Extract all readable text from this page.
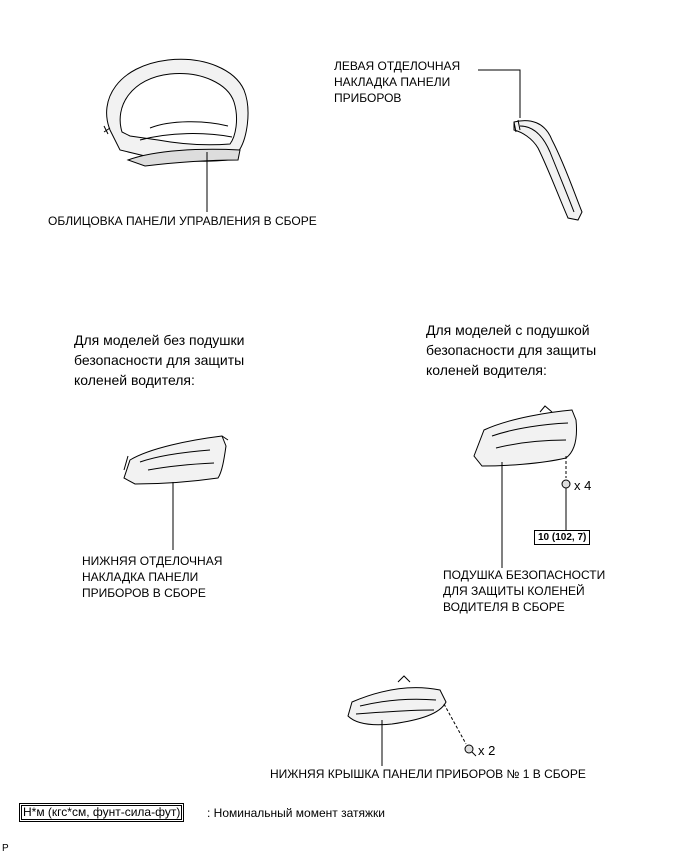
ЛЕВАЯ ОТДЕЛОЧНАЯ
НАКЛАДКА ПАНЕЛИ
ПРИБОРОВ
ОБЛИЦОВКА ПАНЕЛИ УПРАВЛЕНИЯ В СБОРЕ
Для моделей без подушки
безопасности для защиты
коленей водителя:
Для моделей с подушкой
безопасности для защиты
коленей водителя:
x 4
10 (102, 7)
НИЖНЯЯ ОТДЕЛОЧНАЯ
НАКЛАДКА ПАНЕЛИ
ПРИБОРОВ В СБОРЕ
ПОДУШКА БЕЗОПАСНОСТИ
ДЛЯ ЗАЩИТЫ КОЛЕНЕЙ
ВОДИТЕЛЯ В СБОРЕ
x 2
НИЖНЯЯ КРЫШКА ПАНЕЛИ ПРИБОРОВ № 1 В СБОРЕ
Н*м (кгс*см, фунт-сила-фут)	: Номинальный момент затяжки
P
